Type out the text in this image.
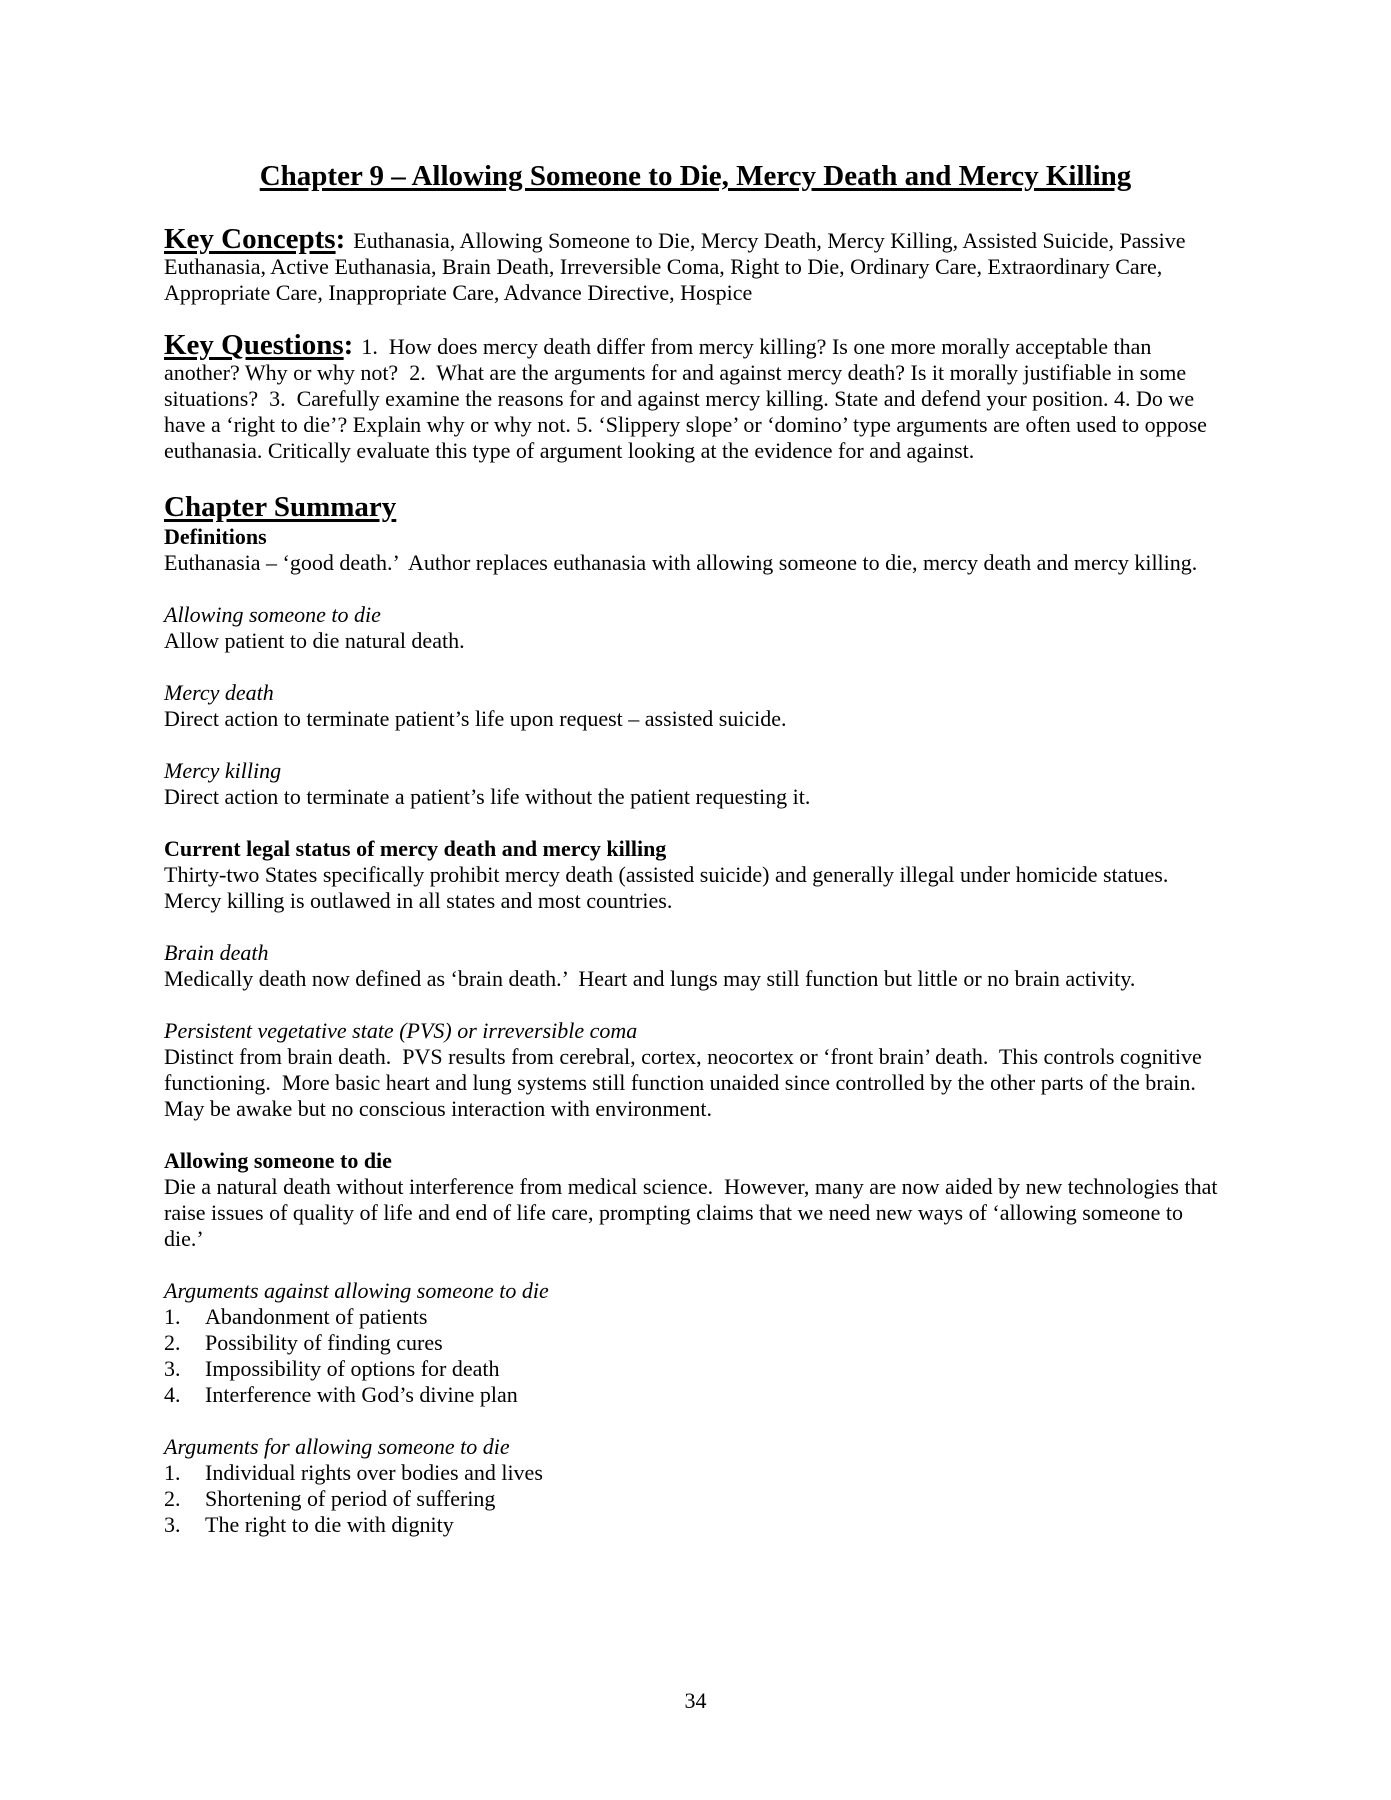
Chapter 9 – Allowing Someone to Die, Mercy Death and Mercy Killing

Key Concepts: Euthanasia, Allowing Someone to Die, Mercy Death, Mercy Killing, Assisted Suicide, Passive Euthanasia, Active Euthanasia, Brain Death, Irreversible Coma, Right to Die, Ordinary Care, Extraordinary Care, Appropriate Care, Inappropriate Care, Advance Directive, Hospice

Key Questions: 1.  How does mercy death differ from mercy killing? Is one more morally acceptable than another? Why or why not?  2.  What are the arguments for and against mercy death? Is it morally justifiable in some situations?  3.  Carefully examine the reasons for and against mercy killing. State and defend your position. 4. Do we have a ‘right to die’? Explain why or why not. 5. ‘Slippery slope’ or ‘domino’ type arguments are often used to oppose euthanasia. Critically evaluate this type of argument looking at the evidence for and against.

Chapter Summary

Definitions

Euthanasia – ‘good death.’  Author replaces euthanasia with allowing someone to die, mercy death and mercy killing.

Allowing someone to die

Allow patient to die natural death.

Mercy death

Direct action to terminate patient’s life upon request – assisted suicide.

Mercy killing

Direct action to terminate a patient’s life without the patient requesting it.

Current legal status of mercy death and mercy killing

Thirty-two States specifically prohibit mercy death (assisted suicide) and generally illegal under homicide statues. Mercy killing is outlawed in all states and most countries.

Brain death

Medically death now defined as ‘brain death.’  Heart and lungs may still function but little or no brain activity.

Persistent vegetative state (PVS) or irreversible coma

Distinct from brain death.  PVS results from cerebral, cortex, neocortex or ‘front brain’ death.  This controls cognitive functioning.  More basic heart and lung systems still function unaided since controlled by the other parts of the brain.  May be awake but no conscious interaction with environment.

Allowing someone to die

Die a natural death without interference from medical science.  However, many are now aided by new technologies that raise issues of quality of life and end of life care, prompting claims that we need new ways of ‘allowing someone to die.’

Arguments against allowing someone to die

1. Abandonment of patients
2. Possibility of finding cures
3. Impossibility of options for death
4. Interference with God’s divine plan

Arguments for allowing someone to die

1. Individual rights over bodies and lives
2. Shortening of period of suffering
3. The right to die with dignity
34
